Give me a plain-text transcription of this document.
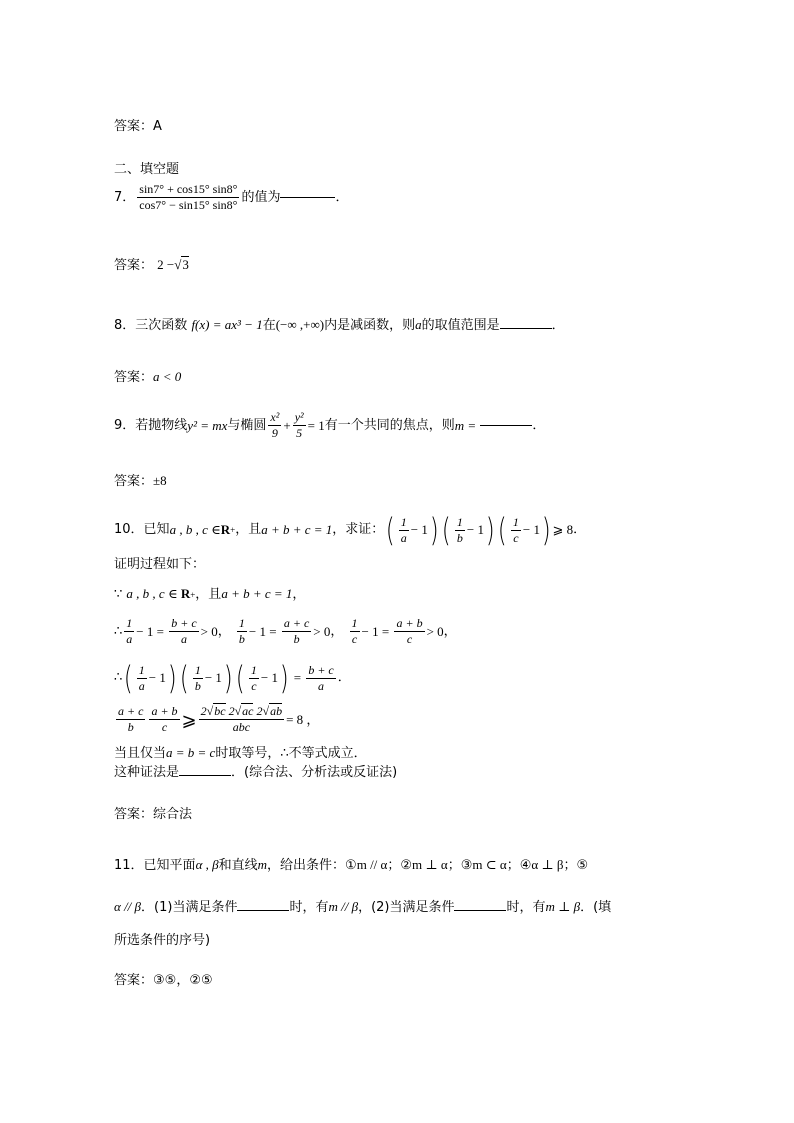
答案：A
二、填空题
7． $\frac{\sin 7^\circ + \cos 15^\circ \sin 8^\circ}{\cos 7^\circ - \sin 15^\circ \sin 8^\circ}$ 的值为	．
答案： 2 −√3
8．三次函数 f(x) = ax³ − 1在(−∞ ,+∞)内是减函数，则a的取值范围是	．
答案：a < 0
9． 若抛物线 y² = mx 与椭圆 $\frac{\text{x²}}{9} + \frac{\text{y²}}{5} = 1$ 有一个共同的焦点，则 m =
	．
答案：±8
10． 已知 a , b , c ∈ R + ，且 a + b + c = 1 ，求证： ( $\frac{1}{a} - 1$ ) ( $\frac{1}{b} - 1$ ) ( $\frac{1}{c} - 1$ ) ⩾ 8 ．
证明过程如下：
∵ a , b , c ∈ R+，且a + b + c = 1，
∴ $\frac{1}{a} - 1 = \frac{b + c}{a} > 0$ ，
$\frac{1}{b} - 1 = \frac{a + c}{b} > 0$ ，
$\frac{1}{c} - 1 = \frac{a + b}{c} > 0$ ，
∴ ( $\frac{1}{a} - 1$ ) ( $\frac{1}{b} - 1$ ) ( $\frac{1}{c} - 1$ ) = $\frac{b + c}{a}$ ．
$\frac{a + c}{b} \frac{a + b}{c}$ ⩾ $\frac{2√bc 2√ac 2√ab}{\text{abc}} = 8$ ，
当且仅当a = b = c时取等号，∴不等式成立．
这种证法是	．(综合法、分析法或反证法)
答案：综合法
11．已知平面α , β和直线m，给出条件：①m // α；②m ⊥ α；③m ⊂ α；④α ⊥ β；⑤
α // β．(1)当满足条件	时，有m // β，(2)当满足条件	时，有m ⊥ β．(填
所选条件的序号)
答案：③⑤，②⑤
